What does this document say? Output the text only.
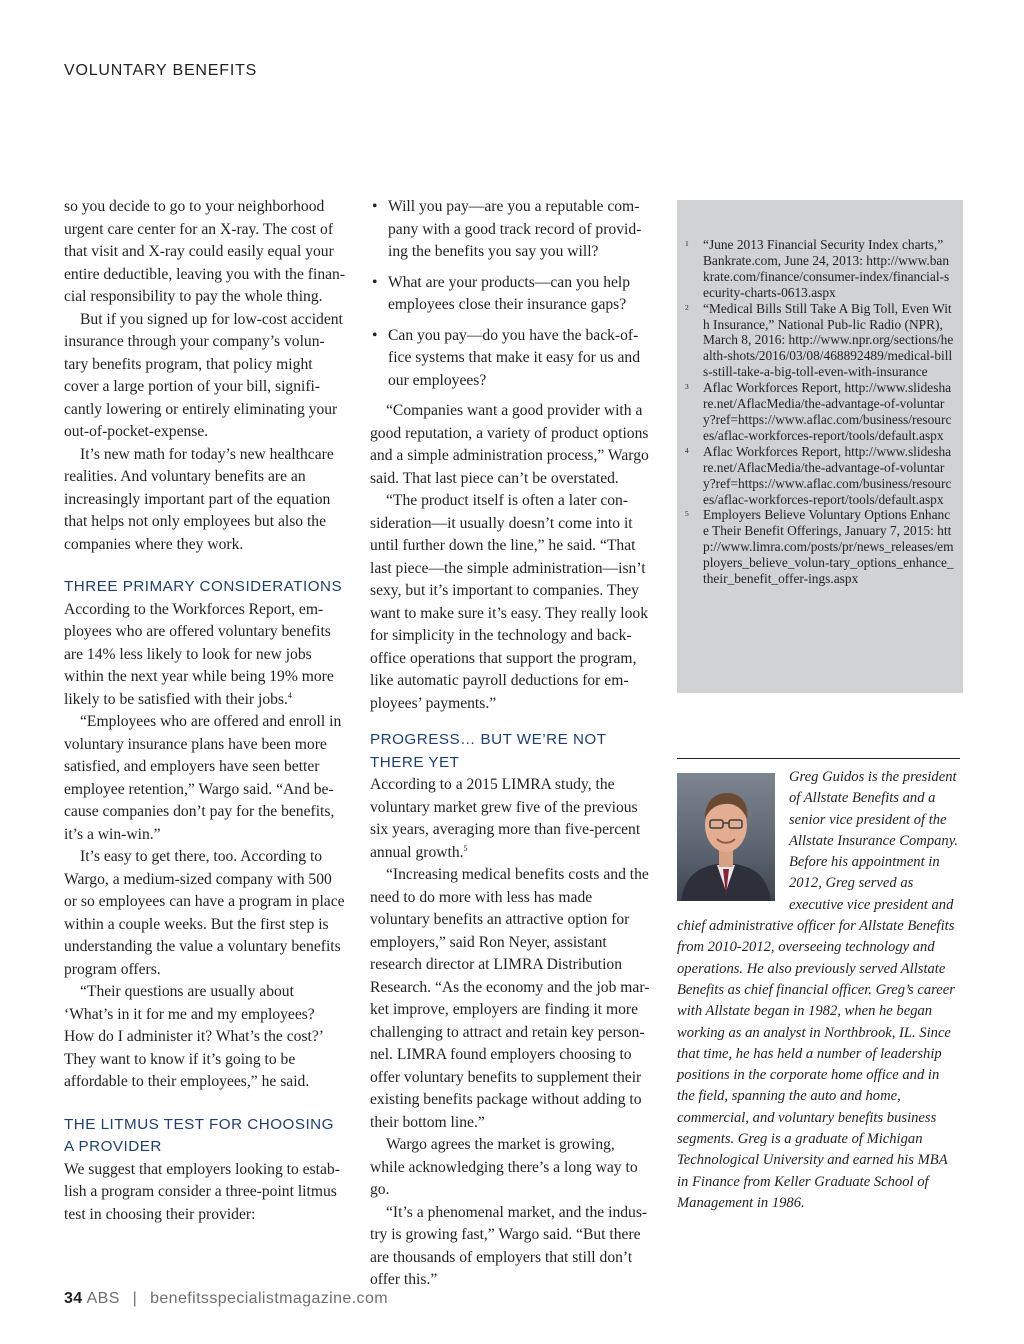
VOLUNTARY BENEFITS

so you decide to go to your neighborhood urgent care center for an X-ray. The cost of that visit and X-ray could easily equal your entire deductible, leaving you with the finan-cial responsibility to pay the whole thing.

But if you signed up for low-cost accident insurance through your company’s volun-tary benefits program, that policy might cover a large portion of your bill, signifi-cantly lowering or entirely eliminating your out-of-pocket-expense.

It’s new math for today’s new healthcare realities. And voluntary benefits are an increasingly important part of the equation that helps not only employees but also the companies where they work.

THREE PRIMARY CONSIDERATIONS

According to the Workforces Report, em-ployees who are offered voluntary benefits are 14% less likely to look for new jobs within the next year while being 19% more likely to be satisfied with their jobs.$^4$

“Employees who are offered and enroll in voluntary insurance plans have been more satisfied, and employers have seen better employee retention,” Wargo said. “And be-cause companies don’t pay for the benefits, it’s a win-win.”

It’s easy to get there, too. According to Wargo, a medium-sized company with 500 or so employees can have a program in place within a couple weeks. But the first step is understanding the value a voluntary benefits program offers.

“Their questions are usually about ‘What’s in it for me and my employees? How do I administer it? What’s the cost?’ They want to know if it’s going to be affordable to their employees,” he said.

THE LITMUS TEST FOR CHOOSING A PROVIDER

We suggest that employers looking to estab-lish a program consider a three-point litmus test in choosing their provider:

• Will you pay—are you a reputable com-pany with a good track record of provid-ing the benefits you say you will?
• What are your products—can you help employees close their insurance gaps?
• Can you pay—do you have the back-of-fice systems that make it easy for us and our employees?

“Companies want a good provider with a good reputation, a variety of product options and a simple administration process,” Wargo said. That last piece can’t be overstated.

“The product itself is often a later con-sideration—it usually doesn’t come into it until further down the line,” he said. “That last piece—the simple administration—isn’t sexy, but it’s important to companies. They want to make sure it’s easy. They really look for simplicity in the technology and back-office operations that support the program, like automatic payroll deductions for em-ployees’ payments.”

PROGRESS… BUT WE’RE NOT THERE YET

According to a 2015 LIMRA study, the voluntary market grew five of the previous six years, averaging more than five-percent annual growth.$^5$

“Increasing medical benefits costs and the need to do more with less has made voluntary benefits an attractive option for employers,” said Ron Neyer, assistant research director at LIMRA Distribution Research. “As the economy and the job mar-ket improve, employers are finding it more challenging to attract and retain key person-nel. LIMRA found employers choosing to offer voluntary benefits to supplement their existing benefits package without adding to their bottom line.”

Wargo agrees the market is growing, while acknowledging there’s a long way to go.

“It’s a phenomenal market, and the indus-try is growing fast,” Wargo said. “But there are thousands of employers that still don’t offer this.”

1	“June 2013 Financial Security Index charts,” Bankrate.com, June 24, 2013: http://www.bankrate.com/finance/consumer-index/financial-security-charts-0613.aspx
2	“Medical Bills Still Take A Big Toll, Even With Insurance,” National Pub-lic Radio (NPR), March 8, 2016: http://www.npr.org/sections/health-shots/2016/03/08/468892489/medical-bills-still-take-a-big-toll-even-with-insurance
3	Aflac Workforces Report, http://www.slideshare.net/AflacMedia/the-advantage-of-voluntary?ref=https://www.aflac.com/business/resources/aflac-workforces-report/tools/default.aspx
4	Aflac Workforces Report, http://www.slideshare.net/AflacMedia/the-advantage-of-voluntary?ref=https://www.aflac.com/business/resources/aflac-workforces-report/tools/default.aspx
5	Employers Believe Voluntary Options Enhance Their Benefit Offerings, January 7, 2015: http://www.limra.com/posts/pr/news_releases/employers_believe_volun-tary_options_enhance_their_benefit_offer-ings.aspx

Greg Guidos is the president of Allstate Benefits and a senior vice president of the Allstate Insurance Company. Before his appointment in 2012, Greg served as executive vice president and chief administrative officer for Allstate Benefits from 2010-2012, overseeing technology and operations. He also previously served Allstate Benefits as chief financial officer. Greg’s career with Allstate began in 1982, when he began working as an analyst in Northbrook, IL. Since that time, he has held a number of leadership positions in the corporate home office and in the field, spanning the auto and home, commercial, and voluntary benefits business segments. Greg is a graduate of Michigan Technological University and earned his MBA in Finance from Keller Graduate School of Management in 1986.

34 ABS | benefitsspecialistmagazine.com
